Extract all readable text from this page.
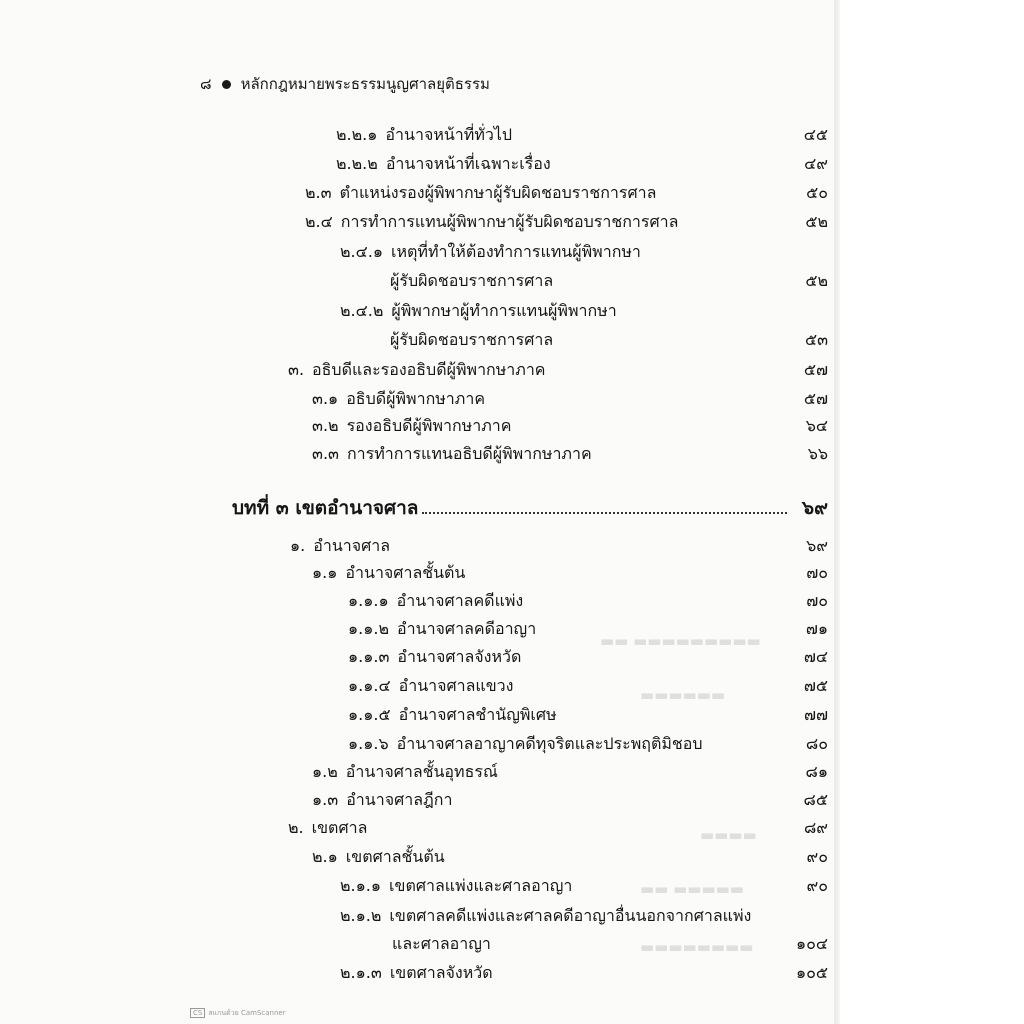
▬▬ ▬▬▬▬▬▬▬▬▬
▬▬▬▬▬▬
▬▬▬▬
▬▬ ▬▬▬▬▬
▬▬▬▬▬▬▬▬
๘ หลักกฎหมายพระธรรมนูญศาลยุติธรรม
๒.๒.๑ อำนาจหน้าที่ทั่วไป	๔๕
๒.๒.๒ อำนาจหน้าที่เฉพาะเรื่อง	๔๙
๒.๓ ตำแหน่งรองผู้พิพากษาผู้รับผิดชอบราชการศาล	๕๐
๒.๔ การทำการแทนผู้พิพากษาผู้รับผิดชอบราชการศาล	๕๒
๒.๔.๑ เหตุที่ทำให้ต้องทำการแทนผู้พิพากษา
ผู้รับผิดชอบราชการศาล	๕๒
๒.๔.๒ ผู้พิพากษาผู้ทำการแทนผู้พิพากษา
ผู้รับผิดชอบราชการศาล	๕๓
๓. อธิบดีและรองอธิบดีผู้พิพากษาภาค	๕๗
๓.๑ อธิบดีผู้พิพากษาภาค	๕๗
๓.๒ รองอธิบดีผู้พิพากษาภาค	๖๔
๓.๓ การทำการแทนอธิบดีผู้พิพากษาภาค	๖๖
บทที่ ๓ เขตอำนาจศาล	๖๙
๑. อำนาจศาล	๖๙
๑.๑ อำนาจศาลชั้นต้น	๗๐
๑.๑.๑ อำนาจศาลคดีแพ่ง	๗๐
๑.๑.๒ อำนาจศาลคดีอาญา	๗๑
๑.๑.๓ อำนาจศาลจังหวัด	๗๔
๑.๑.๔ อำนาจศาลแขวง	๗๕
๑.๑.๕ อำนาจศาลชำนัญพิเศษ	๗๗
๑.๑.๖ อำนาจศาลอาญาคดีทุจริตและประพฤติมิชอบ	๘๐
๑.๒ อำนาจศาลชั้นอุทธรณ์	๘๑
๑.๓ อำนาจศาลฎีกา	๘๕
๒. เขตศาล	๘๙
๒.๑ เขตศาลชั้นต้น	๙๐
๒.๑.๑ เขตศาลแพ่งและศาลอาญา	๙๐
๒.๑.๒ เขตศาลคดีแพ่งและศาลคดีอาญาอื่นนอกจากศาลแพ่ง
และศาลอาญา	๑๐๔
๒.๑.๓ เขตศาลจังหวัด	๑๐๕
CS สแกนด้วย CamScanner
